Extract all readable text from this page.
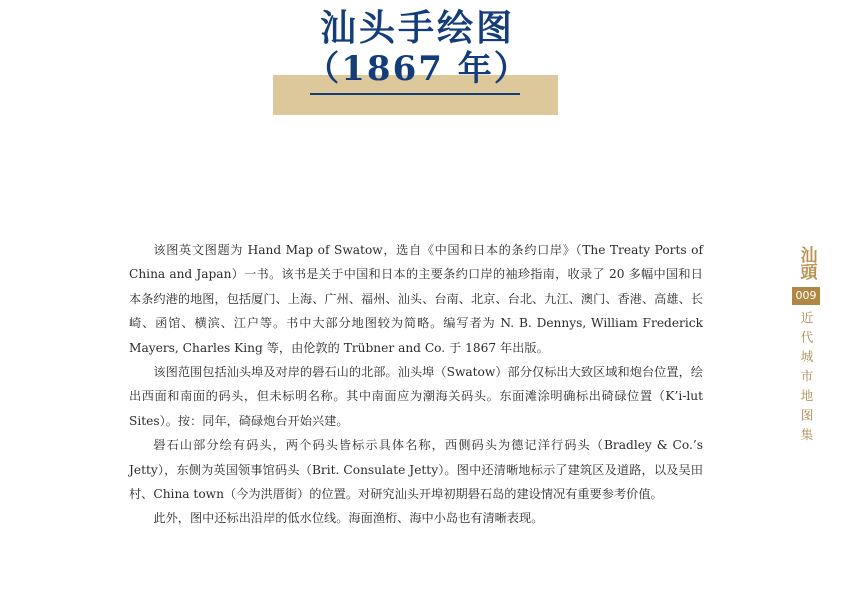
汕头手绘图
（1867 年）

该图英文图题为 Hand Map of Swatow，选自《中国和日本的条约口岸》（The Treaty Ports of China and Japan）一书。该书是关于中国和日本的主要条约口岸的袖珍指南，收录了 20 多幅中国和日本条约港的地图，包括厦门、上海、广州、福州、汕头、台南、北京、台北、九江、澳门、香港、高雄、长崎、函馆、横滨、江户等。书中大部分地图较为简略。编写者为 N. B. Dennys, William Frederick Mayers, Charles King 等，由伦敦的 Trübner and Co. 于 1867 年出版。

该图范围包括汕头埠及对岸的礐石山的北部。汕头埠（Swatow）部分仅标出大致区域和炮台位置，绘出西面和南面的码头，但未标明名称。其中南面应为潮海关码头。东面滩涂明确标出碕碌位置（K’i-lut Sites）。按：同年，碕碌炮台开始兴建。

礐石山部分绘有码头，两个码头皆标示具体名称，西侧码头为德记洋行码头（Bradley & Co.’s Jetty），东侧为英国领事馆码头（Brit. Consulate Jetty）。图中还清晰地标示了建筑区及道路，以及吴田村、China town（今为洪厝街）的位置。对研究汕头开埠初期礐石岛的建设情况有重要参考价值。

此外，图中还标出沿岸的低水位线。海面渔桁、海中小岛也有清晰表现。

汕頭
009
近代城市地图集
